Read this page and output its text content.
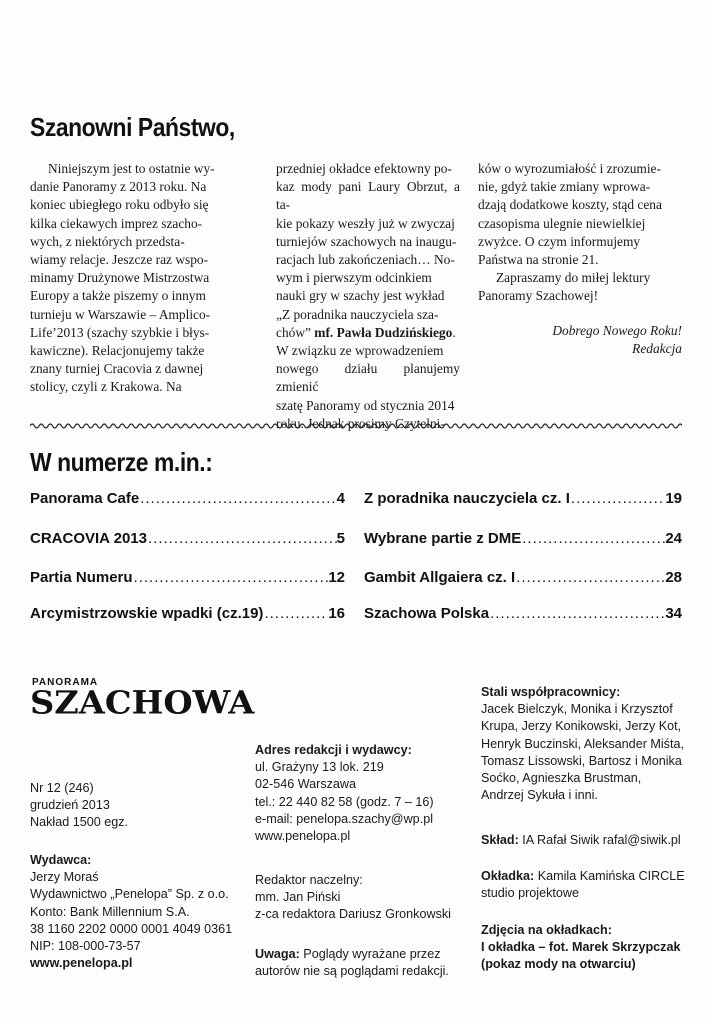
Szanowni Państwo,

Niniejszym jest to ostatnie wy-

danie Panoramy z 2013 roku. Na

koniec ubiegłego roku odbyło się

kilka ciekawych imprez szacho-

wych, z niektórych przedsta-

wiamy relacje. Jeszcze raz wspo-

minamy Drużynowe Mistrzostwa

Europy a także piszemy o innym

turnieju w Warszawie – Amplico-

Life’2013 (szachy szybkie i błys-

kawiczne). Relacjonujemy także

znany turniej Cracovia z dawnej

stolicy, czyli z Krakowa. Na

przedniej okładce efektowny po-

kaz mody pani Laury Obrzut, a ta-

kie pokazy weszły już w zwyczaj

turniejów szachowych na inaugu-

racjach lub zakończeniach… No-

wym i pierwszym odcinkiem

nauki gry w szachy jest wykład

„Z poradnika nauczyciela sza-

chów” mf. Pawła Dudzińskiego.

W związku ze wprowadzeniem

nowego działu planujemy zmienić

szatę Panoramy od stycznia 2014

roku. Jednak prosimy Czytelni-

ków o wyrozumiałość i zrozumie-

nie, gdyż takie zmiany wprowa-

dzają dodatkowe koszty, stąd cena

czasopisma ulegnie niewielkiej

zwyżce. O czym informujemy

Państwa na stronie 21.

Zapraszamy do miłej lektury

Panoramy Szachowej!

Dobrego Nowego Roku!

Redakcja

W numerze m.in.:
Panorama Cafe .....	4
CRACOVIA 2013 .....	5
Partia Numeru .....	12
Arcymistrzowskie wpadki (cz.19) .....	16
Z poradnika nauczyciela cz. I .....	19
Wybrane partie z DME .....	24
Gambit Allgaiera cz. I .....	28
Szachowa Polska .....	34
PANORAMA
SZACHOWA
Nr 12 (246)
grudzień 2013
Nakład 1500 egz.
Wydawca:
Jerzy Moraś
Wydawnictwo „Penelopa” Sp. z o.o.
Konto: Bank Millennium S.A.
38 1160 2202 0000 0001 4049 0361
NIP: 108-000-73-57
www.penelopa.pl
Adres redakcji i wydawcy:
ul. Grażyny 13 lok. 219
02-546 Warszawa
tel.: 22 440 82 58 (godz. 7 – 16)
e-mail: penelopa.szachy@wp.pl
www.penelopa.pl
Redaktor naczelny:
mm. Jan Piński
z-ca redaktora Dariusz Gronkowski
Uwaga: Poglądy wyrażane przez
autorów nie są poglądami redakcji.
Stali współpracownicy:
Jacek Bielczyk, Monika i Krzysztof
Krupa, Jerzy Konikowski, Jerzy Kot,
Henryk Buczinski, Aleksander Miśta,
Tomasz Lissowski, Bartosz i Monika
Soćko, Agnieszka Brustman,
Andrzej Sykuła i inni.
Skład: IA Rafał Siwik rafal@siwik.pl
Okładka: Kamila Kamińska CIRCLE
studio projektowe
Zdjęcia na okładkach:
I okładka – fot. Marek Skrzypczak
(pokaz mody na otwarciu)
